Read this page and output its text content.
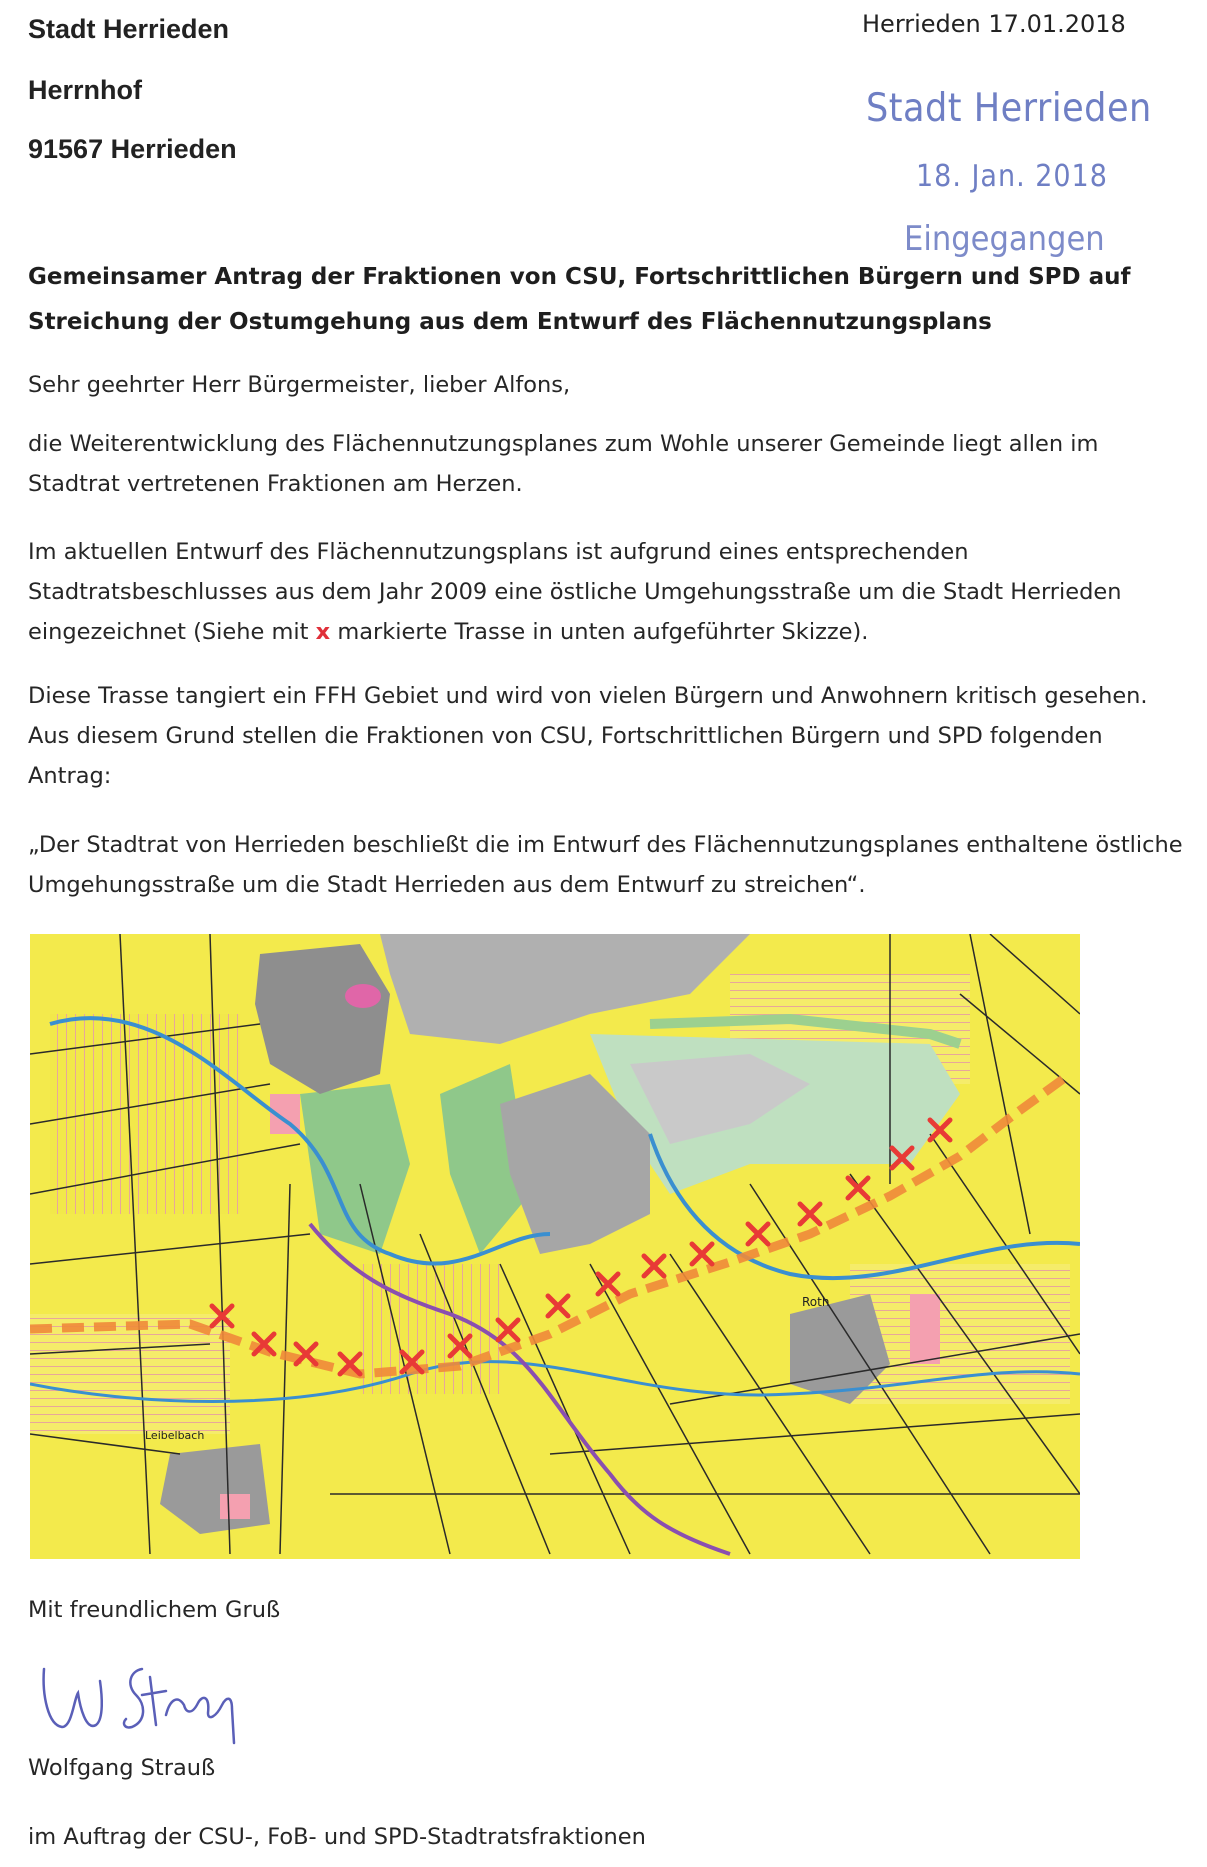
Stadt Herrieden
Herrnhof
91567 Herrieden
Herrieden 17.01.2018
Stadt Herrieden
18. Jan. 2018
Eingegangen
Gemeinsamer Antrag der Fraktionen von CSU, Fortschrittlichen Bürgern und SPD auf Streichung der Ostumgehung aus dem Entwurf des Flächennutzungsplans
Sehr geehrter Herr Bürgermeister, lieber Alfons,
die Weiterentwicklung des Flächennutzungsplanes zum Wohle unserer Gemeinde liegt allen im Stadtrat vertretenen Fraktionen am Herzen.
Im aktuellen Entwurf des Flächennutzungsplans ist aufgrund eines entsprechenden Stadtratsbeschlusses aus dem Jahr 2009 eine östliche Umgehungsstraße um die Stadt Herrieden eingezeichnet (Siehe mit x markierte Trasse in unten aufgeführter Skizze).
Diese Trasse tangiert ein FFH Gebiet und wird von vielen Bürgern und Anwohnern kritisch gesehen. Aus diesem Grund stellen die Fraktionen von CSU, Fortschrittlichen Bürgern und SPD folgenden Antrag:
„Der Stadtrat von Herrieden beschließt die im Entwurf des Flächennutzungsplanes enthaltene östliche Umgehungsstraße um die Stadt Herrieden aus dem Entwurf zu streichen“.
Roth
Leibelbach
Mit freundlichem Gruß
Wolfgang Strauß
im Auftrag der CSU-, FoB- und SPD-Stadtratsfraktionen
